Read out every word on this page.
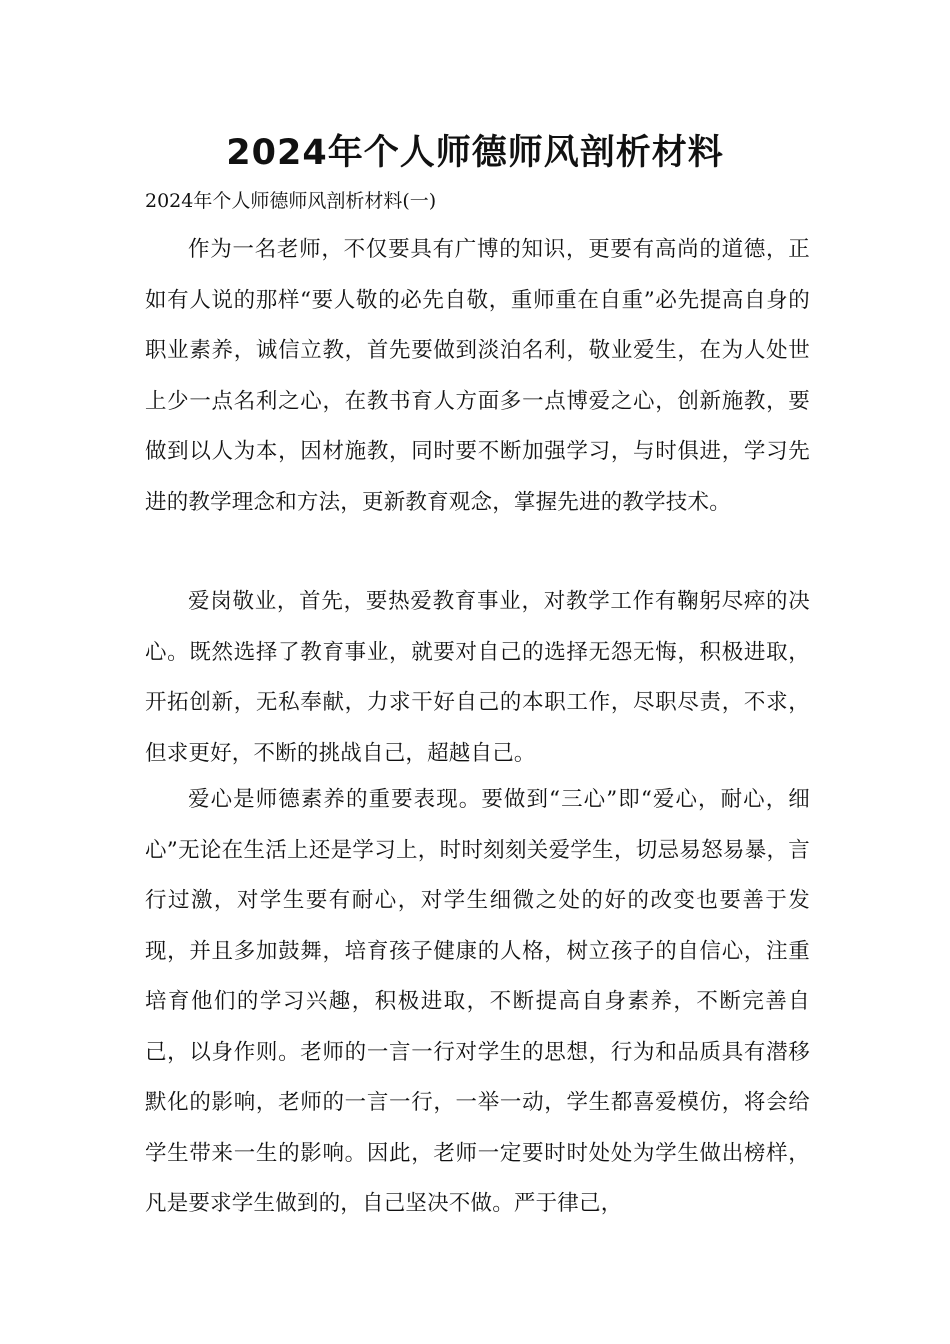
2024年个人师德师风剖析材料

2024年个人师德师风剖析材料(一)

作为一名老师，不仅要具有广博的知识，更要有高尚的道德，正如有人说的那样“要人敬的必先自敬，重师重在自重”必先提高自身的职业素养，诚信立教，首先要做到淡泊名利，敬业爱生，在为人处世上少一点名利之心，在教书育人方面多一点博爱之心，创新施教，要做到以人为本，因材施教，同时要不断加强学习，与时俱进，学习先进的教学理念和方法，更新教育观念，掌握先进的教学技术。

爱岗敬业，首先，要热爱教育事业，对教学工作有鞠躬尽瘁的决心。既然选择了教育事业，就要对自己的选择无怨无悔，积极进取，开拓创新，无私奉献，力求干好自己的本职工作，尽职尽责，不求，但求更好，不断的挑战自己，超越自己。

爱心是师德素养的重要表现。要做到“三心”即“爱心，耐心，细心”无论在生活上还是学习上，时时刻刻关爱学生，切忌易怒易暴，言行过激，对学生要有耐心，对学生细微之处的好的改变也要善于发现，并且多加鼓舞，培育孩子健康的人格，树立孩子的自信心，注重培育他们的学习兴趣，积极进取，不断提高自身素养，不断完善自己，以身作则。老师的一言一行对学生的思想，行为和品质具有潜移默化的影响，老师的一言一行，一举一动，学生都喜爱模仿，将会给学生带来一生的影响。因此，老师一定要时时处处为学生做出榜样，凡是要求学生做到的，自己坚决不做。严于律己，
